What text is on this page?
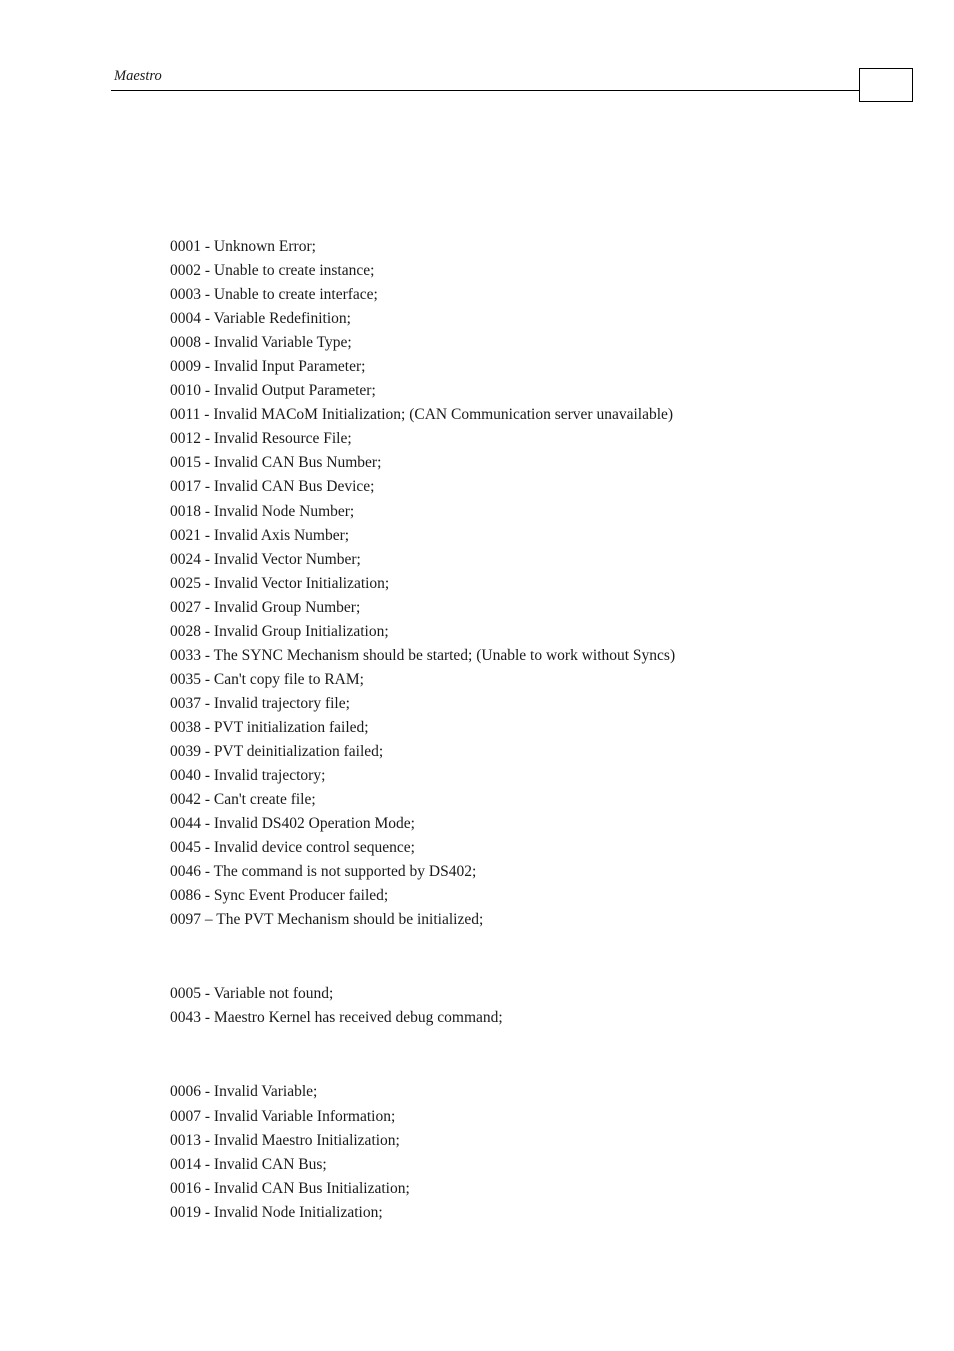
Maestro
0001 - Unknown Error;
0002 - Unable to create instance;
0003 - Unable to create interface;
0004 - Variable Redefinition;
0008 - Invalid Variable Type;
0009 - Invalid Input Parameter;
0010 - Invalid Output Parameter;
0011 - Invalid MACoM Initialization; (CAN Communication server unavailable)
0012 - Invalid Resource File;
0015 - Invalid CAN Bus Number;
0017 - Invalid CAN Bus Device;
0018 - Invalid Node Number;
0021 - Invalid Axis Number;
0024 - Invalid Vector Number;
0025 - Invalid Vector Initialization;
0027 - Invalid Group Number;
0028 - Invalid Group Initialization;
0033 - The SYNC Mechanism should be started; (Unable to work without Syncs)
0035 - Can't copy file to RAM;
0037 - Invalid trajectory file;
0038 - PVT initialization failed;
0039 - PVT deinitialization failed;
0040 - Invalid trajectory;
0042 - Can't create file;
0044 - Invalid DS402 Operation Mode;
0045 - Invalid device control sequence;
0046 - The command is not supported by DS402;
0086 - Sync Event Producer failed;
0097 – The PVT Mechanism should be initialized;
0005 - Variable not found;
0043 - Maestro Kernel has received debug command;
0006 - Invalid Variable;
0007 - Invalid Variable Information;
0013 - Invalid Maestro Initialization;
0014 - Invalid CAN Bus;
0016 - Invalid CAN Bus Initialization;
0019 - Invalid Node Initialization;
